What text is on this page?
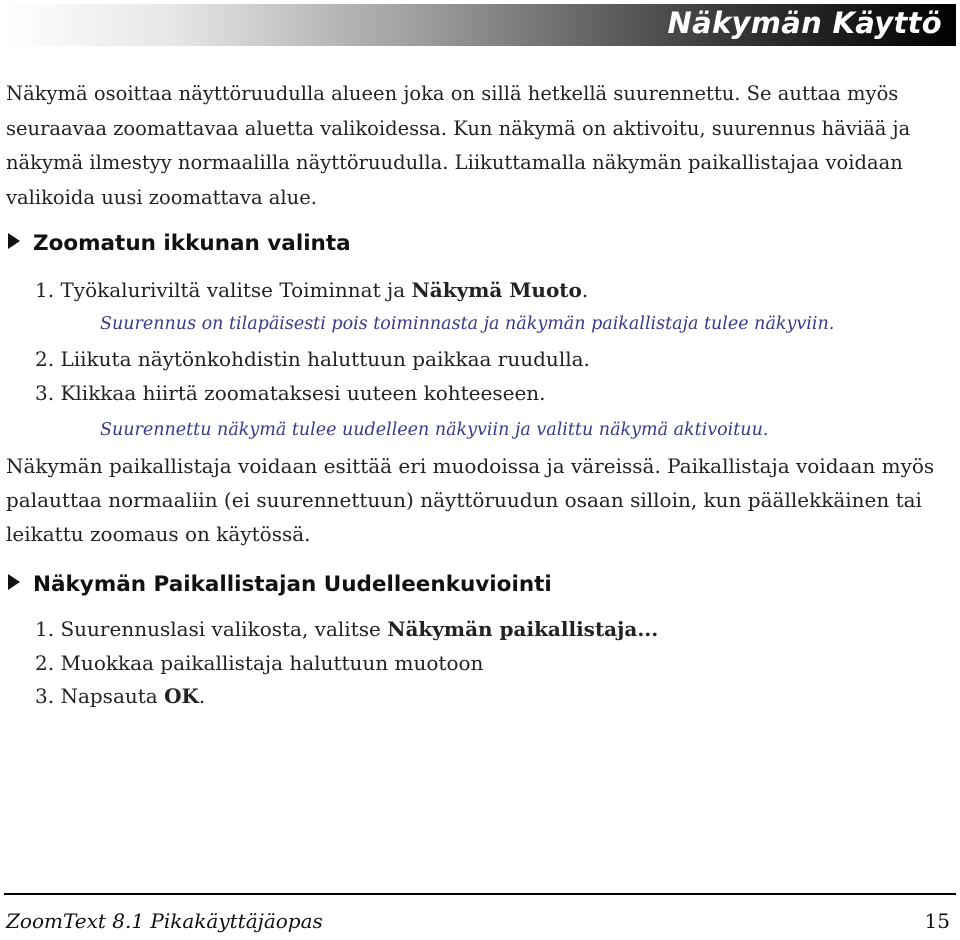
Näkymän Käyttö

Näkymä osoittaa näyttöruudulla alueen joka on sillä hetkellä suurennettu. Se auttaa myös seuraavaa zoomattavaa aluetta valikoidessa. Kun näkymä on aktivoitu, suurennus häviää ja näkymä ilmestyy normaalilla näyttöruudulla. Liikuttamalla näkymän paikallistajaa voidaan valikoida uusi zoomattava alue.

Zoomatun ikkunan valinta

1. Työkaluriviltä valitse Toiminnat ja Näkymä Muoto.

Suurennus on tilapäisesti pois toiminnasta ja näkymän paikallistaja tulee näkyviin.

2. Liikuta näytönkohdistin haluttuun paikkaa ruudulla.

3. Klikkaa hiirtä zoomataksesi uuteen kohteeseen.

Suurennettu näkymä tulee uudelleen näkyviin ja valittu näkymä aktivoituu.

Näkymän paikallistaja voidaan esittää eri muodoissa ja väreissä. Paikallistaja voidaan myös palauttaa normaaliin (ei suurennettuun) näyttöruudun osaan silloin, kun päällekkäinen tai leikattu zoomaus on käytössä.

Näkymän Paikallistajan Uudelleenkuviointi

1. Suurennuslasi valikosta, valitse Näkymän paikallistaja...

2. Muokkaa paikallistaja haluttuun muotoon

3. Napsauta OK.

ZoomText 8.1 Pikakäyttäjäopas	15
